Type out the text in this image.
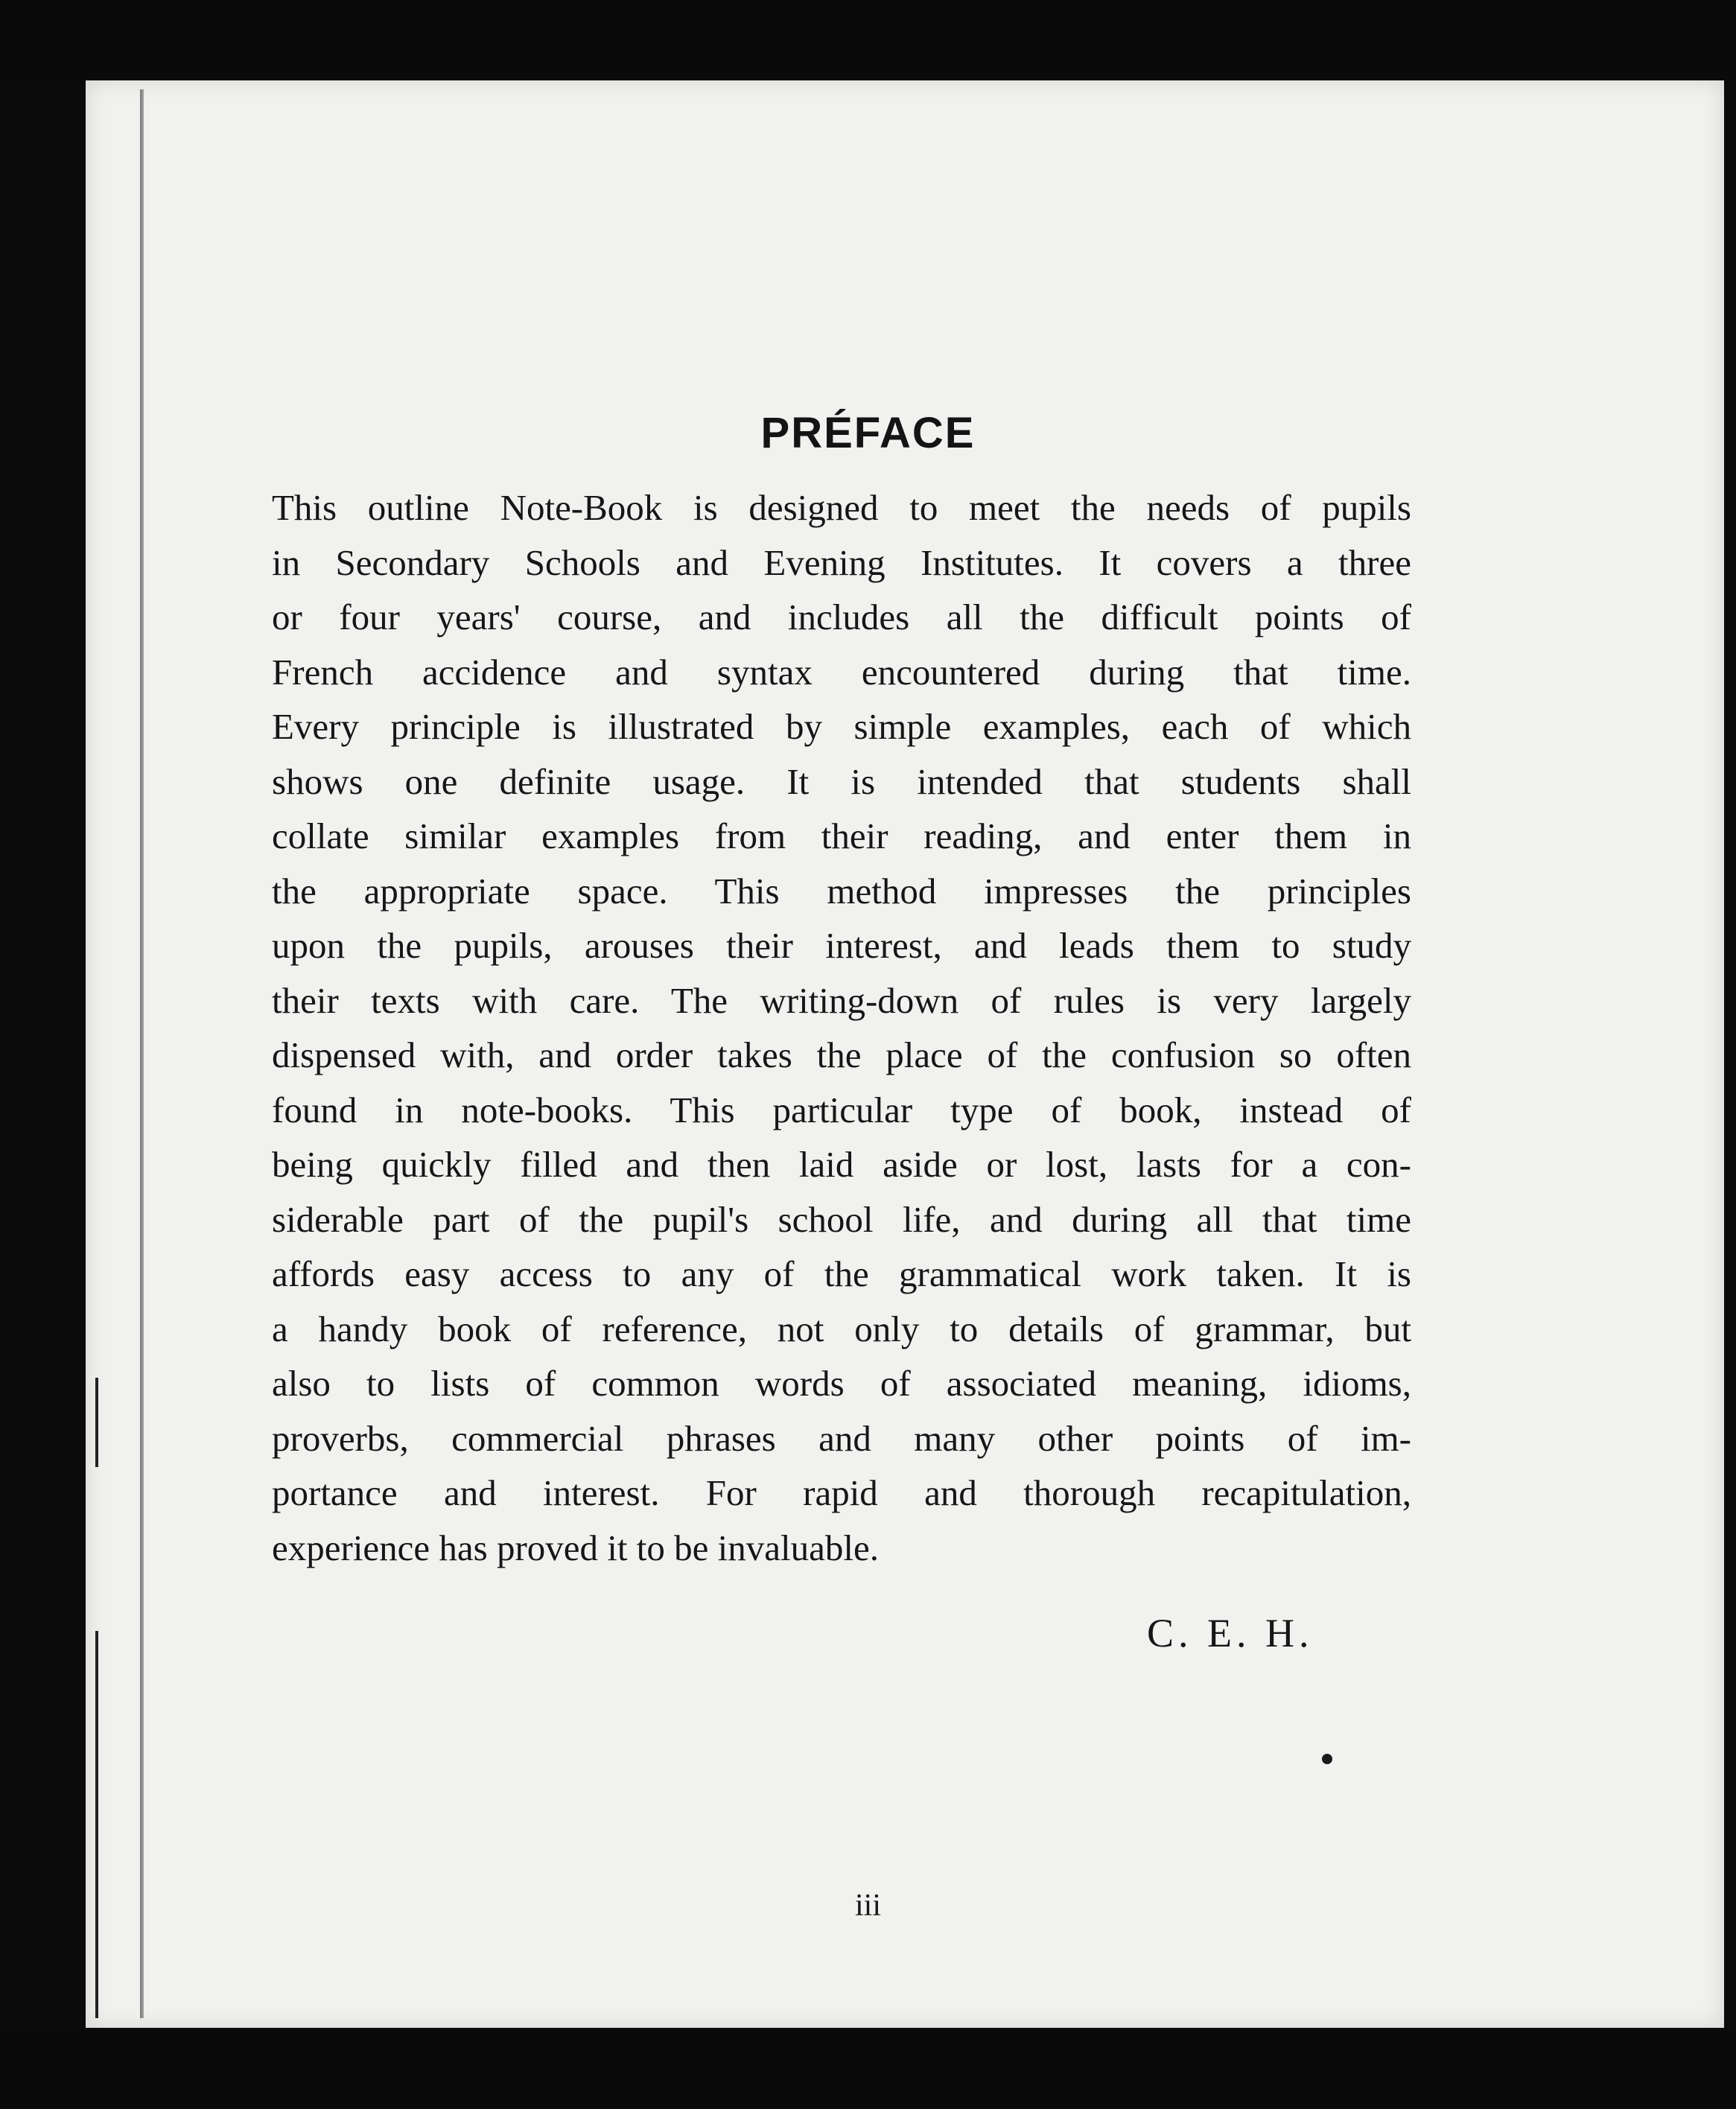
PRÉFACE
This outline Note-Book is designed to meet the needs of pupils
in Secondary Schools and Evening Institutes. It covers a three
or four years' course, and includes all the difficult points of
French accidence and syntax encountered during that time.
Every principle is illustrated by simple examples, each of which
shows one definite usage. It is intended that students shall
collate similar examples from their reading, and enter them in
the appropriate space. This method impresses the principles
upon the pupils, arouses their interest, and leads them to study
their texts with care. The writing-down of rules is very largely
dispensed with, and order takes the place of the confusion so often
found in note-books. This particular type of book, instead of
being quickly filled and then laid aside or lost, lasts for a con-
siderable part of the pupil's school life, and during all that time
affords easy access to any of the grammatical work taken. It is
a handy book of reference, not only to details of grammar, but
also to lists of common words of associated meaning, idioms,
proverbs, commercial phrases and many other points of im-
portance and interest. For rapid and thorough recapitulation,
experience has proved it to be invaluable.
C. E. H.
iii
